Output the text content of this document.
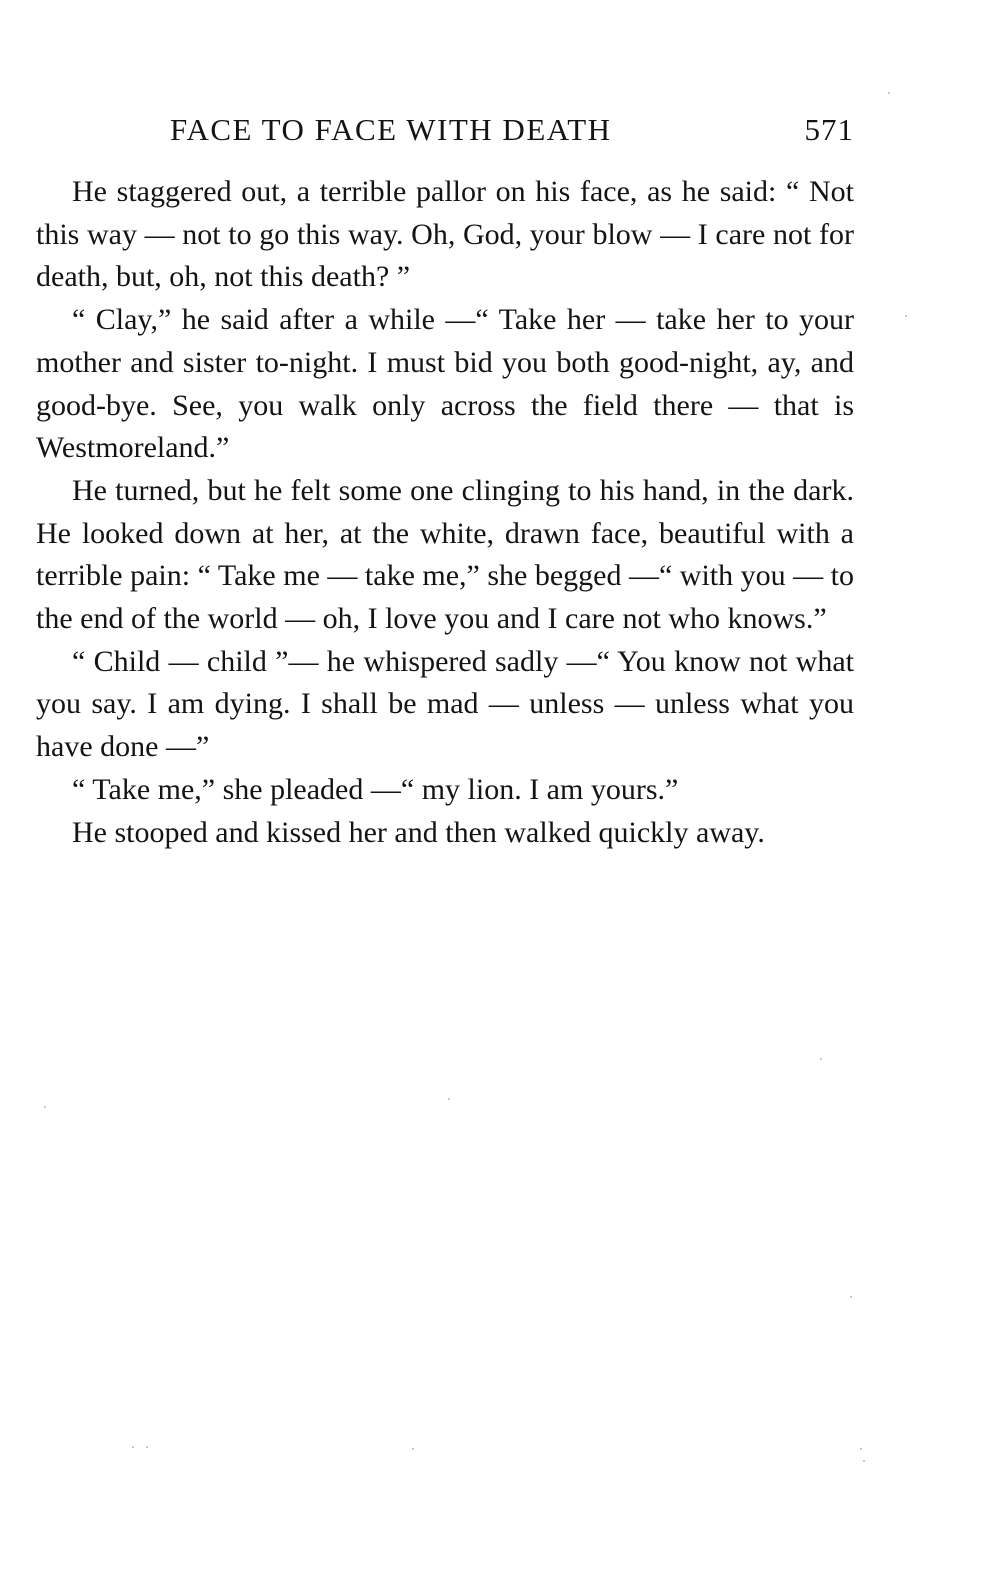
FACE TO FACE WITH DEATH	571

He staggered out, a terrible pallor on his face, as he said: “ Not this way — not to go this way. Oh, God, your blow — I care not for death, but, oh, not this death? ”

“ Clay,” he said after a while —“ Take her — take her to your mother and sister to-night. I must bid you both good-night, ay, and good-bye. See, you walk only across the field there — that is Westmoreland.”

He turned, but he felt some one clinging to his hand, in the dark. He looked down at her, at the white, drawn face, beautiful with a terrible pain: “ Take me — take me,” she begged —“ with you — to the end of the world — oh, I love you and I care not who knows.”

“ Child — child ”— he whispered sadly —“ You know not what you say. I am dying. I shall be mad — unless — unless what you have done —”

“ Take me,” she pleaded —“ my lion. I am yours.”

He stooped and kissed her and then walked quickly away.
